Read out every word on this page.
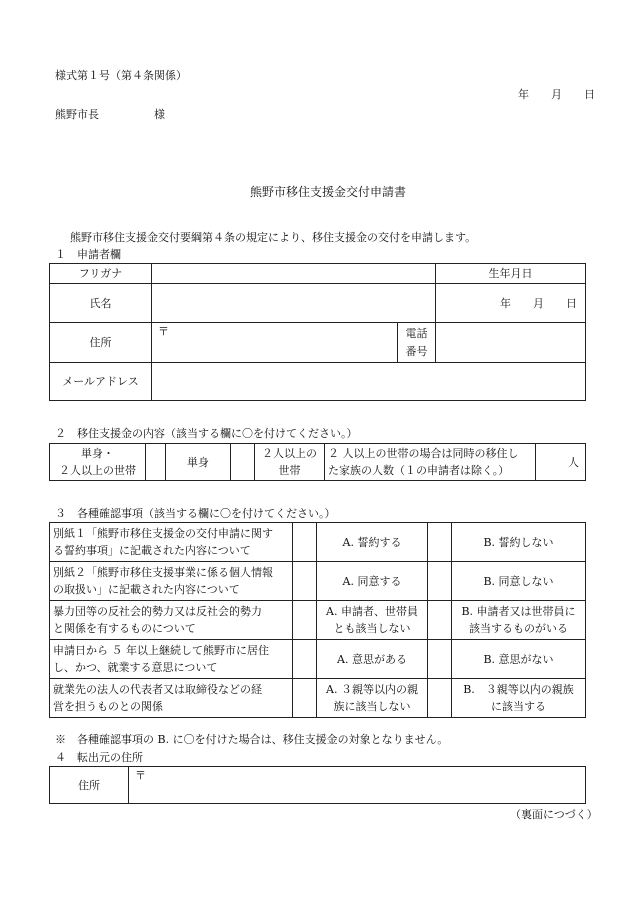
様式第１号（第４条関係）
年　　月　　日
熊野市長　　　　　様
熊野市移住支援金交付申請書
熊野市移住支援金交付要綱第４条の規定により、移住支援金の交付を申請します。
１　申請者欄
フリガナ			生年月日
氏名			年　　月　　日
住所	〒	電話
番号	
メールアドレス			
２　移住支援金の内容（該当する欄に〇を付けてください。）
単身・
２人以上の世帯		単身		２人以上の
世帯	２ 人以上の世帯の場合は同時の移住し
た家族の人数（１の申請者は除く。）	人
３　各種確認事項（該当する欄に〇を付けてください。）
別紙１「熊野市移住支援金の交付申請に関す
る誓約事項」に記載された内容について		A. 誓約する		B. 誓約しない
別紙２「熊野市移住支援事業に係る個人情報
の取扱い」に記載された内容について		A. 同意する		B. 同意しない
暴力団等の反社会的勢力又は反社会的勢力
と関係を有するものについて		A. 申請者、世帯員
とも該当しない		B. 申請者又は世帯員に
該当するものがいる
申請日から ５ 年以上継続して熊野市に居住
し、かつ、就業する意思について		A. 意思がある		B. 意思がない
就業先の法人の代表者又は取締役などの経
営を担うものとの関係		A. ３親等以内の親
族に該当しない		B.　３親等以内の親族
に該当する
※　各種確認事項の B. に〇を付けた場合は、移住支援金の対象となりません。
４　転出元の住所
住所	〒
（裏面につづく）
